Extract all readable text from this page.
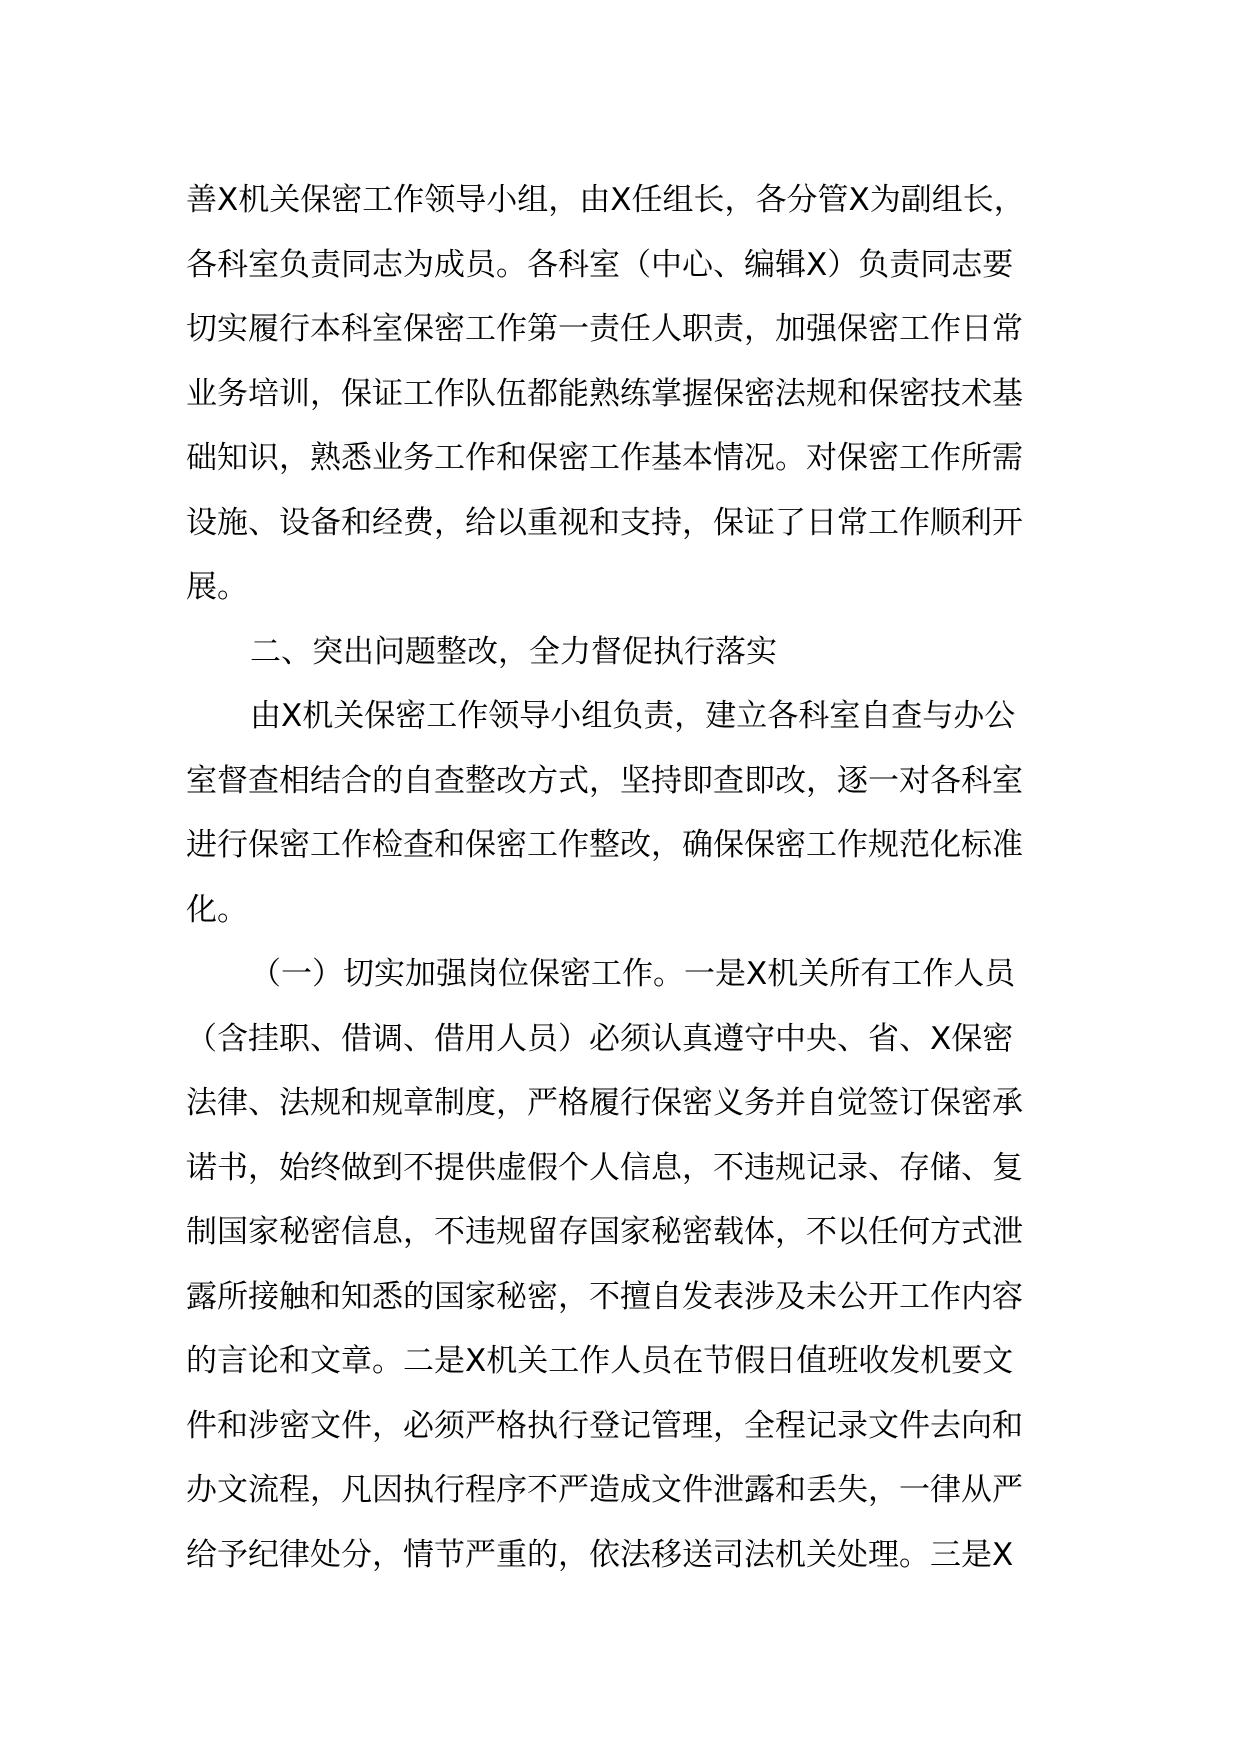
善X机关保密工作领导小组，由X任组长，各分管X为副组长，
各科室负责同志为成员。各科室（中心、编辑X）负责同志要
切实履行本科室保密工作第一责任人职责，加强保密工作日常
业务培训，保证工作队伍都能熟练掌握保密法规和保密技术基
础知识，熟悉业务工作和保密工作基本情况。对保密工作所需
设施、设备和经费，给以重视和支持，保证了日常工作顺利开
展。
二、突出问题整改，全力督促执行落实
由X机关保密工作领导小组负责，建立各科室自查与办公
室督查相结合的自查整改方式，坚持即查即改，逐一对各科室
进行保密工作检查和保密工作整改，确保保密工作规范化标准
化。
（一）切实加强岗位保密工作。一是X机关所有工作人员
（含挂职、借调、借用人员）必须认真遵守中央、省、X保密
法律、法规和规章制度，严格履行保密义务并自觉签订保密承
诺书，始终做到不提供虚假个人信息，不违规记录、存储、复
制国家秘密信息，不违规留存国家秘密载体，不以任何方式泄
露所接触和知悉的国家秘密，不擅自发表涉及未公开工作内容
的言论和文章。二是X机关工作人员在节假日值班收发机要文
件和涉密文件，必须严格执行登记管理，全程记录文件去向和
办文流程，凡因执行程序不严造成文件泄露和丢失，一律从严
给予纪律处分，情节严重的，依法移送司法机关处理。三是X
